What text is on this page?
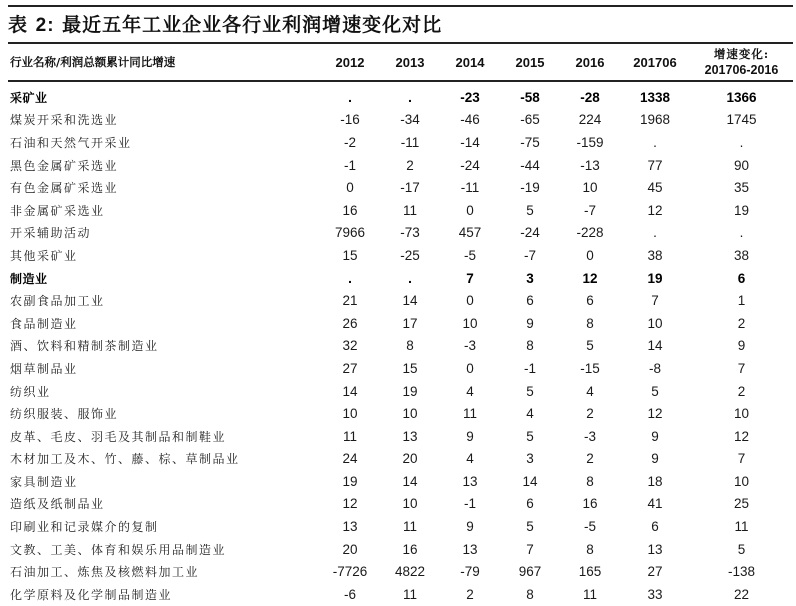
表 2: 最近五年工业企业各行业利润增速变化对比
行业名称/利润总额累计同比增速	2012	2013	2014	2015	2016	201706	增速变化:
201706-2016

采矿业	.	.	-23	-58	-28	1338	1366
煤炭开采和洗选业	-16	-34	-46	-65	224	1968	1745
石油和天然气开采业	-2	-11	-14	-75	-159	.	.
黑色金属矿采选业	-1	2	-24	-44	-13	77	90
有色金属矿采选业	0	-17	-11	-19	10	45	35
非金属矿采选业	16	11	0	5	-7	12	19
开采辅助活动	7966	-73	457	-24	-228	.	.
其他采矿业	15	-25	-5	-7	0	38	38
制造业	.	.	7	3	12	19	6
农副食品加工业	21	14	0	6	6	7	1
食品制造业	26	17	10	9	8	10	2
酒、饮料和精制茶制造业	32	8	-3	8	5	14	9
烟草制品业	27	15	0	-1	-15	-8	7
纺织业	14	19	4	5	4	5	2
纺织服装、服饰业	10	10	11	4	2	12	10
皮革、毛皮、羽毛及其制品和制鞋业	11	13	9	5	-3	9	12
木材加工及木、竹、藤、棕、草制品业	24	20	4	3	2	9	7
家具制造业	19	14	13	14	8	18	10
造纸及纸制品业	12	10	-1	6	16	41	25
印刷业和记录媒介的复制	13	11	9	5	-5	6	11
文教、工美、体育和娱乐用品制造业	20	16	13	7	8	13	5
石油加工、炼焦及核燃料加工业	-7726	4822	-79	967	165	27	-138
化学原料及化学制品制造业	-6	11	2	8	11	33	22
